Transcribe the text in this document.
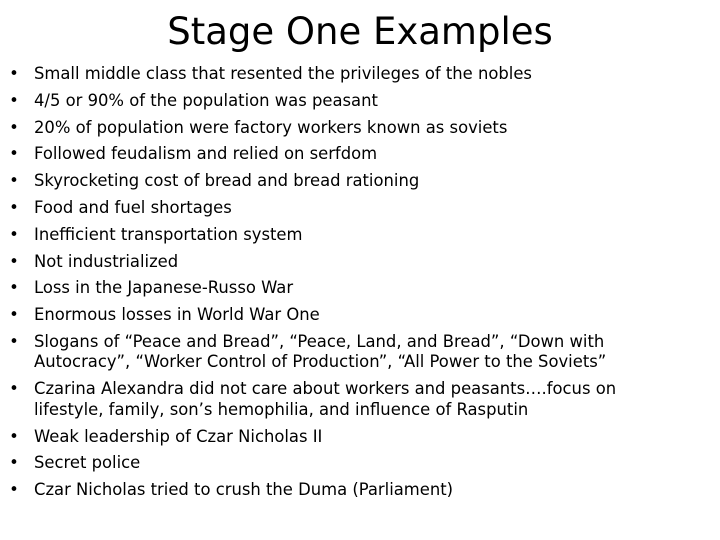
Stage One Examples
• Small middle class that resented the privileges of the nobles
• 4/5 or 90% of the population was peasant
• 20% of population were factory workers known as soviets
• Followed feudalism and relied on serfdom
• Skyrocketing cost of bread and bread rationing
• Food and fuel shortages
• Inefficient transportation system
• Not industrialized
• Loss in the Japanese-Russo War
• Enormous losses in World War One
• Slogans of “Peace and Bread”, “Peace, Land, and Bread”, “Down with
Autocracy”, “Worker Control of Production”, “All Power to the Soviets”
• Czarina Alexandra did not care about workers and peasants….focus on
lifestyle, family, son’s hemophilia, and influence of Rasputin
• Weak leadership of Czar Nicholas II
• Secret police
• Czar Nicholas tried to crush the Duma (Parliament)
